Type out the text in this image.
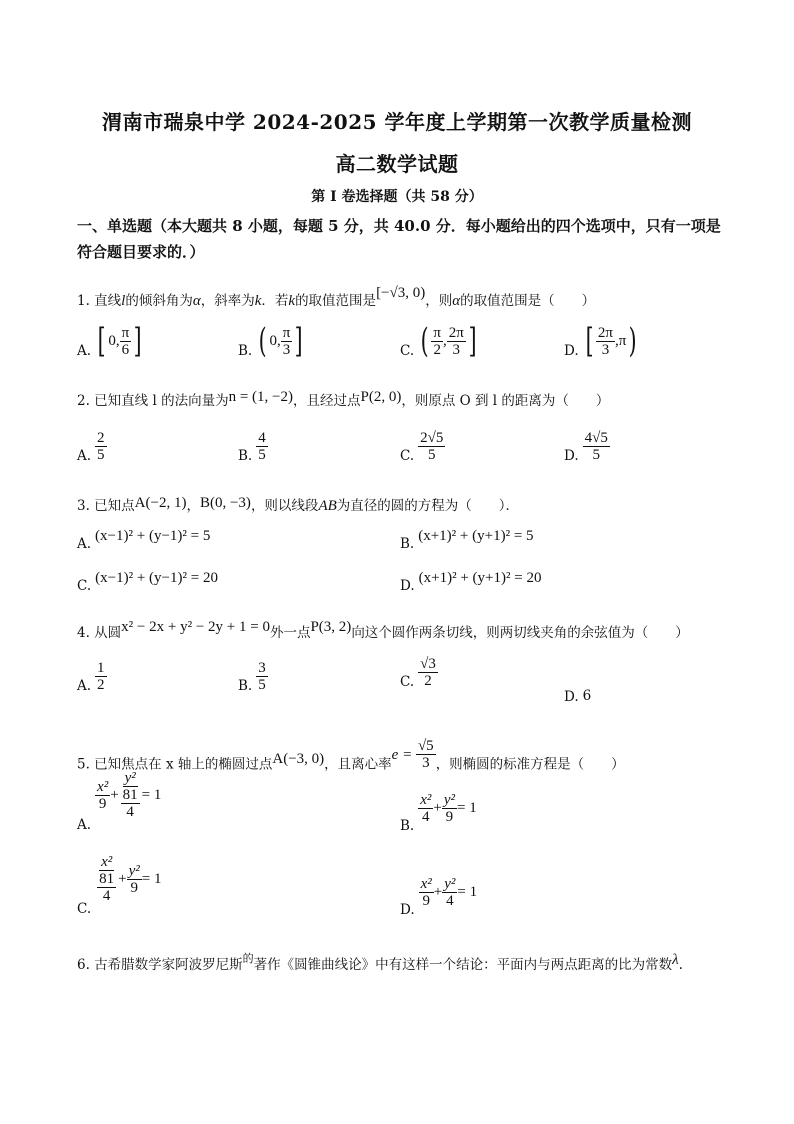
渭南市瑞泉中学 2024-2025 学年度上学期第一次教学质量检测
高二数学试题
第 I 卷选择题（共 58 分）
一、单选题（本大题共 8 小题，每题 5 分，共 40.0 分．每小题给出的四个选项中，只有一项是符合题目要求的．）
1. 直线l的倾斜角为α，斜率为k．若k的取值范围是[−√3, 0)，则α的取值范围是（　　）
A. [ 0 , $\frac{\pi}{6}$ ]	B. ( 0 , $\frac{\pi}{3}$ ]	C. ( $\frac{\pi}{2}$ , $\frac{2\pi}{3}$ ]	D. [ $\frac{2\pi}{3}$ , π )
2. 已知直线 l 的法向量为n = (1, −2)，且经过点P(2, 0)，则原点 O 到 l 的距离为（　　）
A. $\frac{2}{5}$	B. $\frac{4}{5}$	C. $\frac{2√5}{5}$	D. $\frac{4√5}{5}$
3. 已知点A(−2, 1)，B(0, −3)，则以线段AB为直径的圆的方程为（　　）．
A. (x−1)² + (y−1)² = 5	B. (x+1)² + (y+1)² = 5
C. (x−1)² + (y−1)² = 20	D. (x+1)² + (y+1)² = 20
4. 从圆x² − 2x + y² − 2y + 1 = 0外一点P(3, 2)向这个圆作两条切线，则两切线夹角的余弦值为（　　）
A. $\frac{1}{2}$	B. $\frac{3}{5}$	C. $\frac{√3}{2}$
D. 6
5. 已知焦点在 x 轴上的椭圆过点A(−3, 0)，且离心率
e =
$\frac{√5}{3}$ ，则椭圆的标准方程是（　　）
A.
$\frac{\text{x²}}{9} + \frac{\text{y²}}{\frac{81}{4}} = 1$
B.
$\frac{\text{x²}}{4} + \frac{\text{y²}}{9} = 1$
C.
$\frac{\text{x²}}{\frac{81}{4}} + \frac{\text{y²}}{9} = 1$
D.
$\frac{\text{x²}}{9} + \frac{\text{y²}}{4} = 1$
6. 古希腊数学家阿波罗尼斯$^的$著作《圆锥曲线论》中有这样一个结论：平面内与两点距离的比为常数λ.
